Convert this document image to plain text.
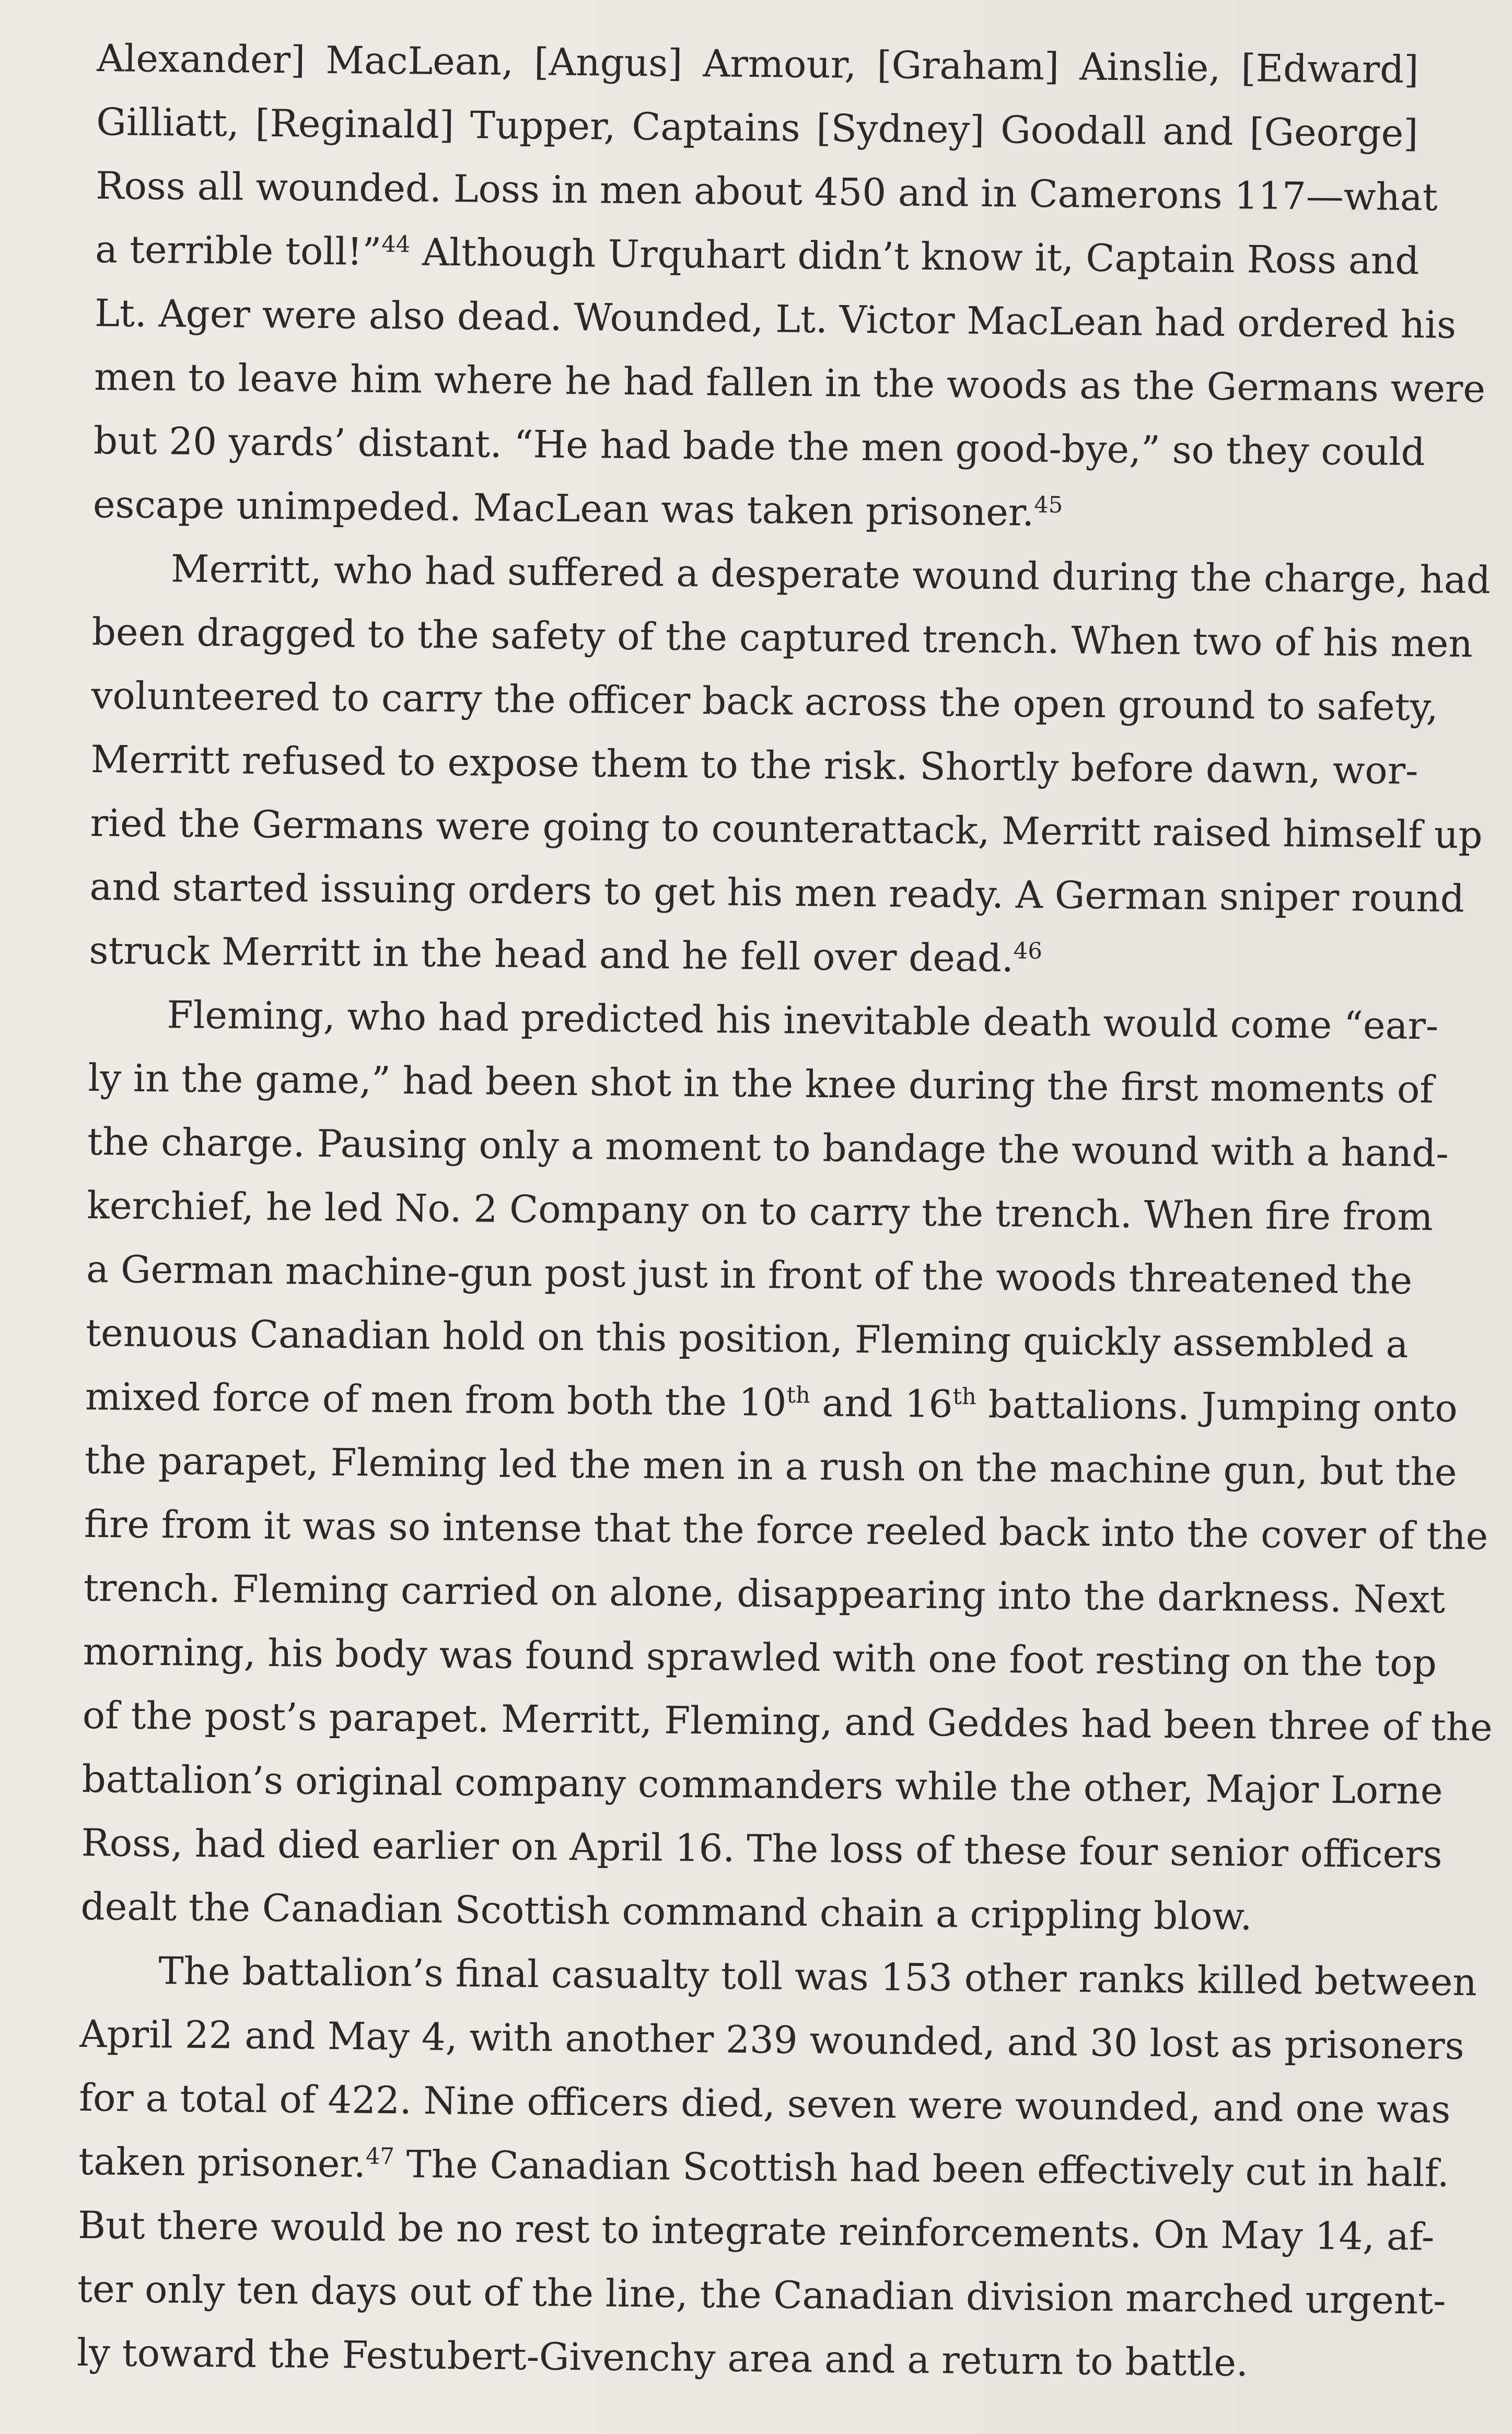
Alexander] MacLean, [Angus] Armour, [Graham] Ainslie, [Edward]
Gilliatt, [Reginald] Tupper, Captains [Sydney] Goodall and [George]
Ross all wounded. Loss in men about 450 and in Camerons 117—what
a terrible toll!”$^{44}$ Although Urquhart didn’t know it, Captain Ross and
Lt. Ager were also dead. Wounded, Lt. Victor MacLean had ordered his
men to leave him where he had fallen in the woods as the Germans were
but 20 yards’ distant. “He had bade the men good-bye,” so they could
escape unimpeded. MacLean was taken prisoner.$^{45}$
Merritt, who had suffered a desperate wound during the charge, had
been dragged to the safety of the captured trench. When two of his men
volunteered to carry the officer back across the open ground to safety,
Merritt refused to expose them to the risk. Shortly before dawn, wor-
ried the Germans were going to counterattack, Merritt raised himself up
and started issuing orders to get his men ready. A German sniper round
struck Merritt in the head and he fell over dead.$^{46}$
Fleming, who had predicted his inevitable death would come “ear-
ly in the game,” had been shot in the knee during the first moments of
the charge. Pausing only a moment to bandage the wound with a hand-
kerchief, he led No. 2 Company on to carry the trench. When fire from
a German machine-gun post just in front of the woods threatened the
tenuous Canadian hold on this position, Fleming quickly assembled a
mixed force of men from both the 10th and 16th battalions. Jumping onto
the parapet, Fleming led the men in a rush on the machine gun, but the
fire from it was so intense that the force reeled back into the cover of the
trench. Fleming carried on alone, disappearing into the darkness. Next
morning, his body was found sprawled with one foot resting on the top
of the post’s parapet. Merritt, Fleming, and Geddes had been three of the
battalion’s original company commanders while the other, Major Lorne
Ross, had died earlier on April 16. The loss of these four senior officers
dealt the Canadian Scottish command chain a crippling blow.
The battalion’s final casualty toll was 153 other ranks killed between
April 22 and May 4, with another 239 wounded, and 30 lost as prisoners
for a total of 422. Nine officers died, seven were wounded, and one was
taken prisoner.$^{47}$ The Canadian Scottish had been effectively cut in half.
But there would be no rest to integrate reinforcements. On May 14, af-
ter only ten days out of the line, the Canadian division marched urgent-
ly toward the Festubert-Givenchy area and a return to battle.
